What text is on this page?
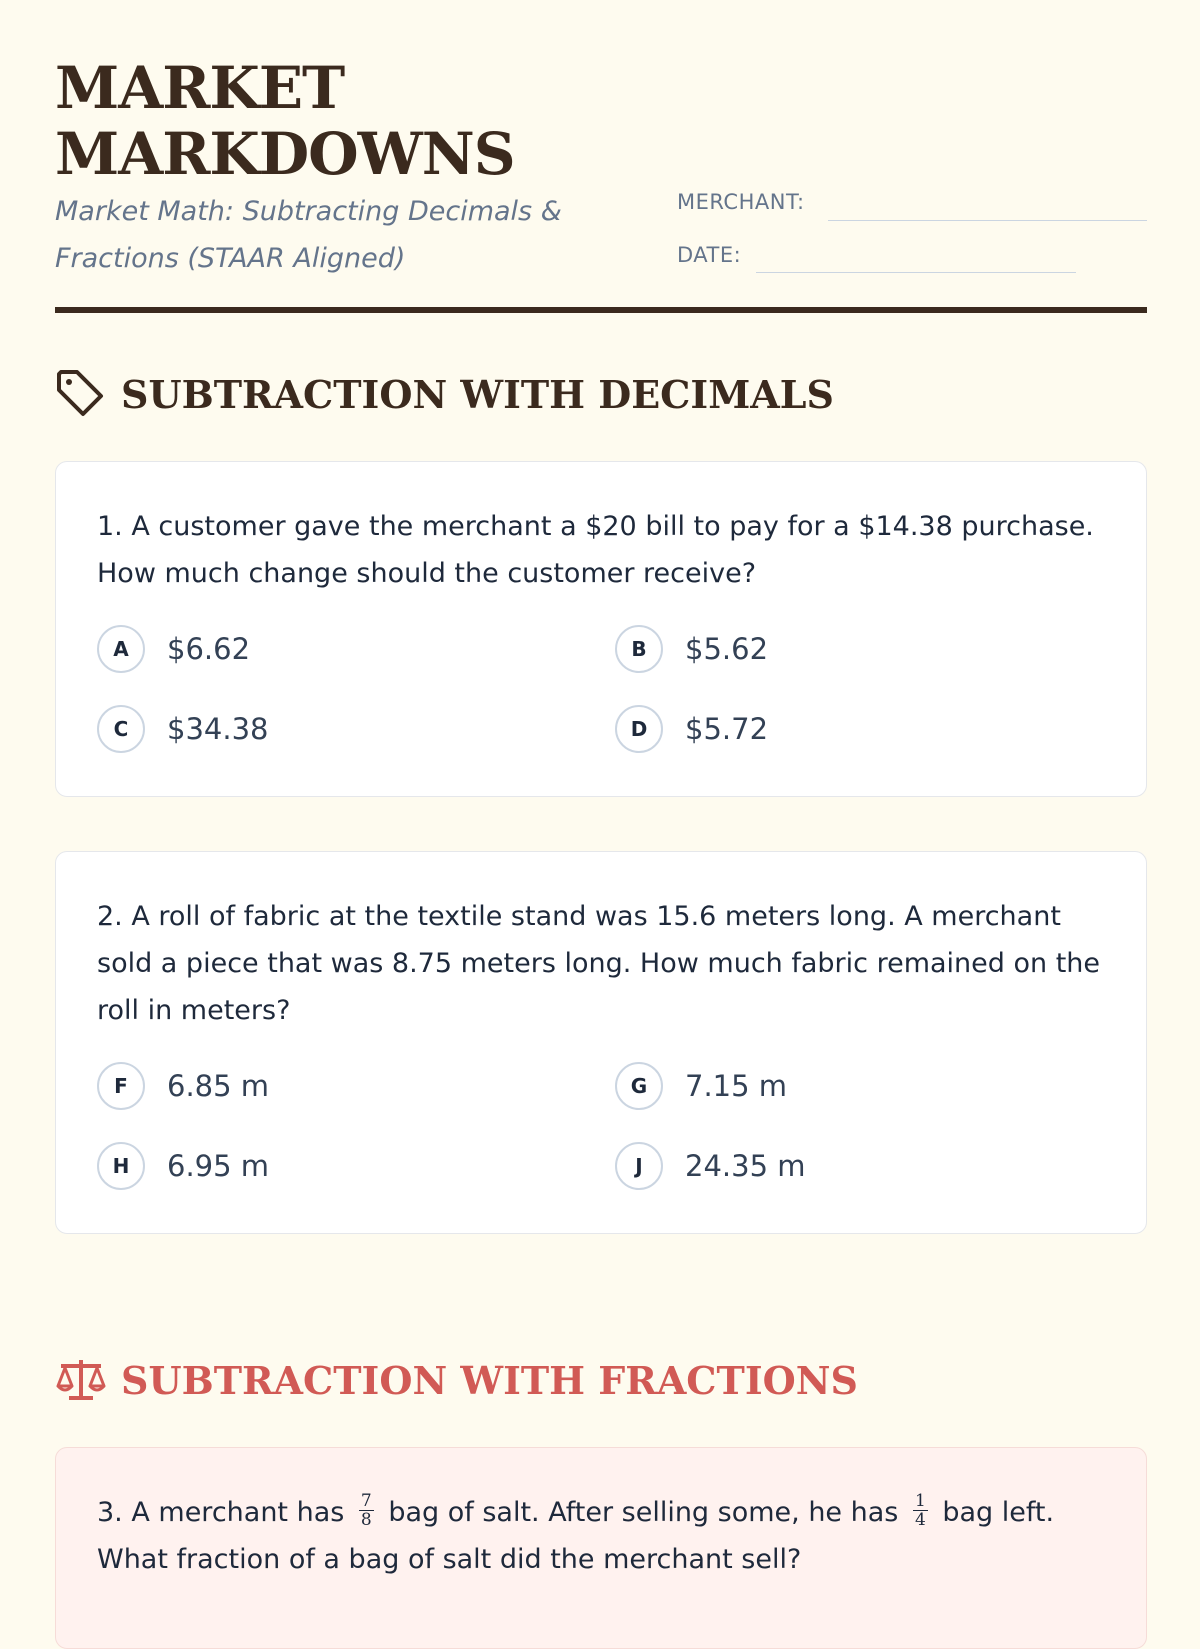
MARKET
MARKDOWNS
Market Math: Subtracting Decimals & Fractions (STAAR Aligned)
MERCHANT:
DATE:
SUBTRACTION WITH DECIMALS
1. A customer gave the merchant a $20 bill to pay for a $14.38 purchase. How much change should the customer receive?
A	$6.62	B	$5.62
C	$34.38	D	$5.72
2. A roll of fabric at the textile stand was 15.6 meters long. A merchant sold a piece that was 8.75 meters long. How much fabric remained on the roll in meters?
F	6.85 m	G	7.15 m
H	6.95 m	J	24.35 m
SUBTRACTION WITH FRACTIONS
3. A merchant has $\frac{7}{8}$ bag of salt. After selling some, he has $\frac{1}{4}$ bag left. What fraction of a bag of salt did the merchant sell?
